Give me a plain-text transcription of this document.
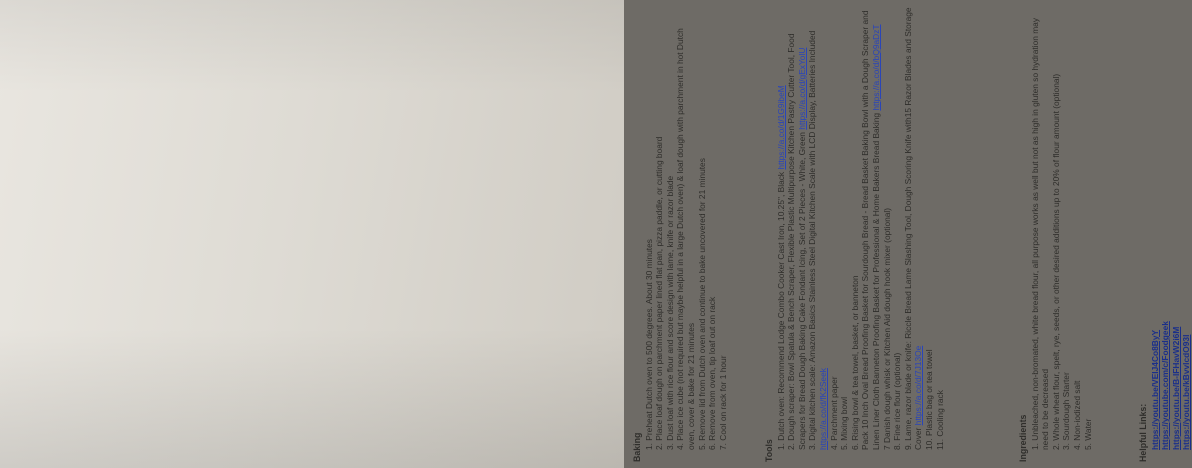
Baking 1. Preheat Dutch oven to 500 degrees. About 30 minutes 2. Place loaf dough on parchment paper lined flat pan, pizza paddle, or cutting board 3. Dust loaf with rice flour and score design with lame, knife or razor blade 4. Place ice cube (not required but maybe helpful in a large Dutch oven) & loaf dough with parchment in hot Dutch oven, cover & bake for 21 minutes 5. Remove lid from Dutch oven and continue to bake uncovered for 21 minutes 6. Remove from oven, tip loaf out on rack 7. Cool on rack for 1 hour
Tools
1. Dutch oven: Recommend Lodge Combo Cooker Cast Iron, 10.25", Black https://a.co/d/1G9ibeM 2. Dough scraper: Bowl Spatula & Bench Scraper, Flexible Plastic Multipurpose Kitchen Pastry Cutter Tool, Food Scrapers for Bread Dough Baking Cake Fondant Icing, Set of 2 Pieces - White, Green https://a.co/d/gExYolU 3. Digital kitchen scale: Amazon Basics Stainless Steel Digital Kitchen Scale with LCD Display, Batteries Included https://a.co/d/fK2Seek 4. Parchment paper 5. Mixing bowl 6. Rising bowl & tea towel, basket, or banneton Pack 10 Inch Oval Bread Proofing Basket for Sourdough Bread - Bread Basket Baking Bowl with a Dough Scraper and Linen Liner Cloth Banneton Proofing Basket for Professional & Home Bakers Bread Baking https://a.co/d/bQ9aDzT
7 Danish dough whisk or Kitchen Aid dough hook mixer (optional) 8. Fine rice flour (optional) 9. Lame, razor blade or knife: Riccle Bread Lame Slashing Tool, Dough Scoring Knife with15 Razor Blades and Storage Cover https://a.co/d/7J13Oe 10. Plastic bag or tea towel 11. Cooling rack	Ingredients 1. Unbleached, non-bromated, white bread flour, all purpose works as well but not as high in gluten so hydration may need to be decreased 2. Whole wheat flour, spelt, rye, seeds, or other desired additions up to 20% of flour amount (optional) 3. Sourdough Starter 4. Non-iodized salt 5. Water	Helpful Links: https://youtu.be/VEIJ4Co8ByY https://youtube.com/c/Foodgeek https://youtu.be/B-IFHavW2i6M https://youtu.be/kBvvIcdO93I
